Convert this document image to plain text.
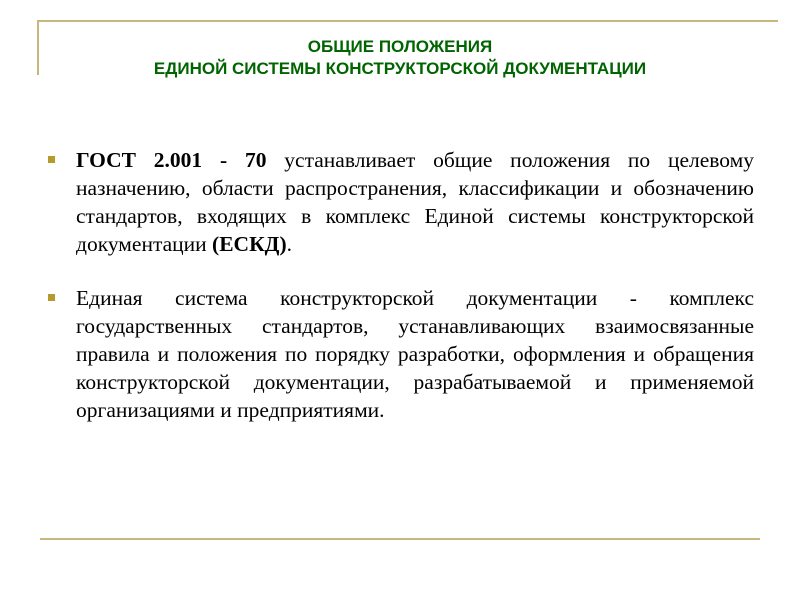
ОБЩИЕ ПОЛОЖЕНИЯ
ЕДИНОЙ СИСТЕМЫ КОНСТРУКТОРСКОЙ ДОКУМЕНТАЦИИ
ГОСТ 2.001 - 70 устанавливает общие положения по целевому назначению, области распространения, классификации и обозначению стандартов, входящих в комплекс Единой системы конструкторской документации (ЕСКД).
Единая система конструкторской документации - комплекс государственных стандартов, устанавливающих взаимосвязанные правила и положения по порядку разработки, оформления и обращения конструкторской документации, разрабатываемой и применяемой организациями и предприятиями.
